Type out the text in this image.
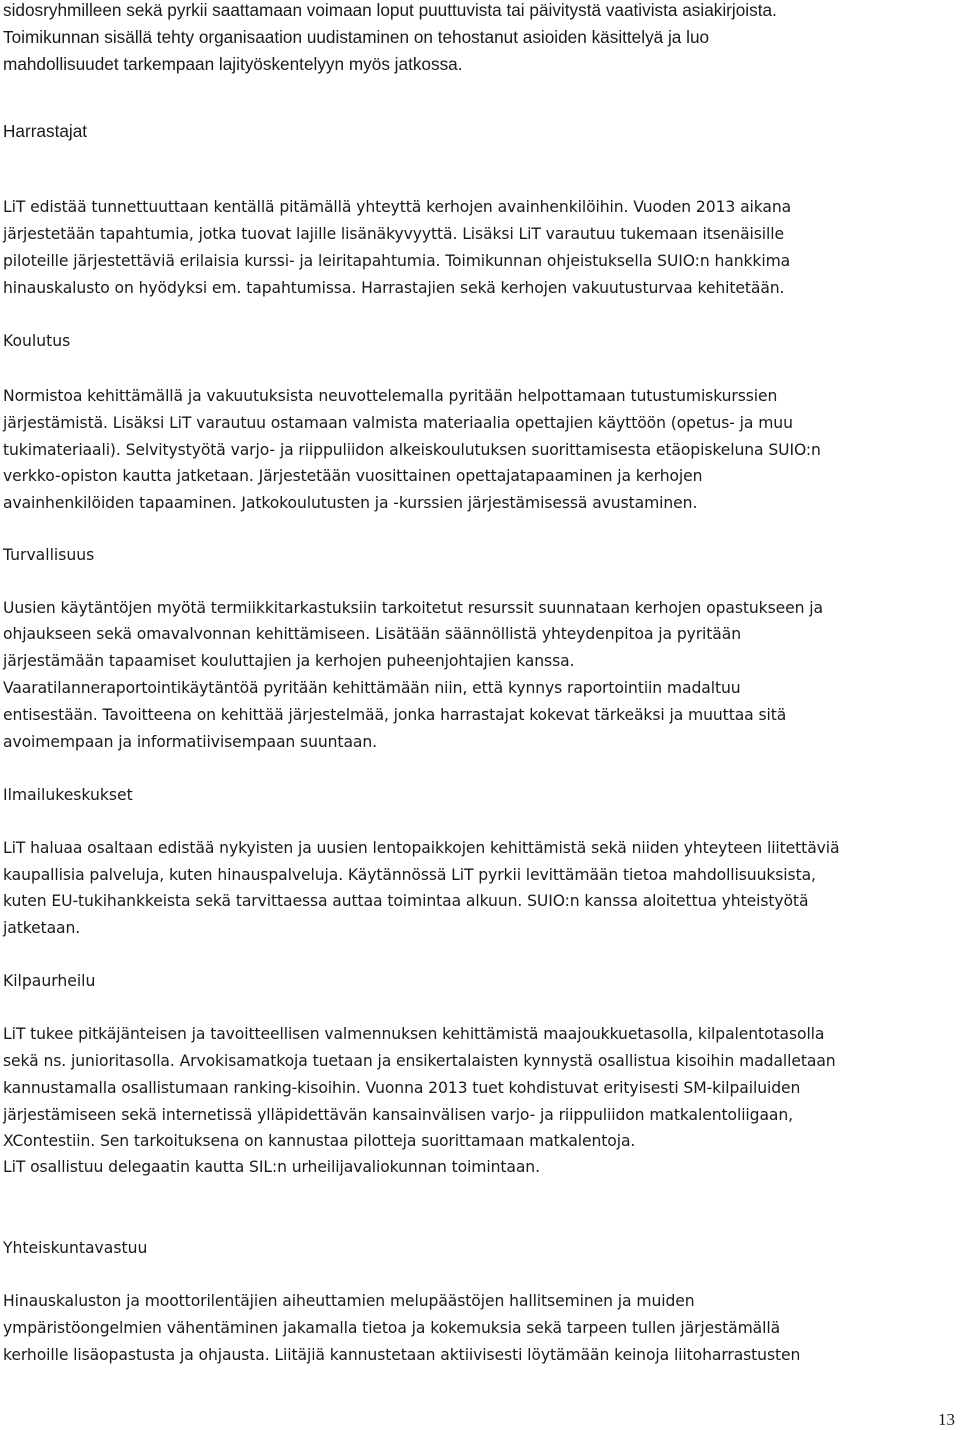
sidosryhmilleen sekä pyrkii saattamaan voimaan loput puuttuvista tai päivitystä vaativista asiakirjoista.
Toimikunnan sisällä tehty organisaation uudistaminen on tehostanut asioiden käsittelyä ja luo
mahdollisuudet tarkempaan lajityöskentelyyn myös jatkossa.
Harrastajat
LiT edistää tunnettuuttaan kentällä pitämällä yhteyttä kerhojen avainhenkilöihin. Vuoden 2013 aikana
järjestetään tapahtumia, jotka tuovat lajille lisänäkyvyyttä. Lisäksi LiT varautuu tukemaan itsenäisille
piloteille järjestettäviä erilaisia kurssi- ja leiritapahtumia. Toimikunnan ohjeistuksella SUIO:n hankkima
hinauskalusto on hyödyksi em. tapahtumissa. Harrastajien sekä kerhojen vakuutusturvaa kehitetään.
Koulutus
Normistoa kehittämällä ja vakuutuksista neuvottelemalla pyritään helpottamaan tutustumiskurssien
järjestämistä. Lisäksi LiT varautuu ostamaan valmista materiaalia opettajien käyttöön (opetus- ja muu
tukimateriaali). Selvitystyötä varjo- ja riippuliidon alkeiskoulutuksen suorittamisesta etäopiskeluna SUIO:n
verkko-opiston kautta jatketaan. Järjestetään vuosittainen opettajatapaaminen ja kerhojen
avainhenkilöiden tapaaminen. Jatkokoulutusten ja -kurssien järjestämisessä avustaminen.
Turvallisuus
Uusien käytäntöjen myötä termiikkitarkastuksiin tarkoitetut resurssit suunnataan kerhojen opastukseen ja
ohjaukseen sekä omavalvonnan kehittämiseen. Lisätään säännöllistä yhteydenpitoa ja pyritään
järjestämään tapaamiset kouluttajien ja kerhojen puheenjohtajien kanssa.
Vaaratilanneraportointikäytäntöä pyritään kehittämään niin, että kynnys raportointiin madaltuu
entisestään. Tavoitteena on kehittää järjestelmää, jonka harrastajat kokevat tärkeäksi ja muuttaa sitä
avoimempaan ja informatiivisempaan suuntaan.
Ilmailukeskukset
LiT haluaa osaltaan edistää nykyisten ja uusien lentopaikkojen kehittämistä sekä niiden yhteyteen liitettäviä
kaupallisia palveluja, kuten hinauspalveluja. Käytännössä LiT pyrkii levittämään tietoa mahdollisuuksista,
kuten EU-tukihankkeista sekä tarvittaessa auttaa toimintaa alkuun. SUIO:n kanssa aloitettua yhteistyötä
jatketaan.
Kilpaurheilu
LiT tukee pitkäjänteisen ja tavoitteellisen valmennuksen kehittämistä maajoukkuetasolla, kilpalentotasolla
sekä ns. junioritasolla. Arvokisamatkoja tuetaan ja ensikertalaisten kynnystä osallistua kisoihin madalletaan
kannustamalla osallistumaan ranking-kisoihin. Vuonna 2013 tuet kohdistuvat erityisesti SM-kilpailuiden
järjestämiseen sekä internetissä ylläpidettävän kansainvälisen varjo- ja riippuliidon matkalentoliigaan,
XContestiin. Sen tarkoituksena on kannustaa pilotteja suorittamaan matkalentoja.
LiT osallistuu delegaatin kautta SIL:n urheilijavaliokunnan toimintaan.
Yhteiskuntavastuu
Hinauskaluston ja moottorilentäjien aiheuttamien melupäästöjen hallitseminen ja muiden
ympäristöongelmien vähentäminen jakamalla tietoa ja kokemuksia sekä tarpeen tullen järjestämällä
kerhoille lisäopastusta ja ohjausta. Liitäjiä kannustetaan aktiivisesti löytämään keinoja liitoharrastusten
13
